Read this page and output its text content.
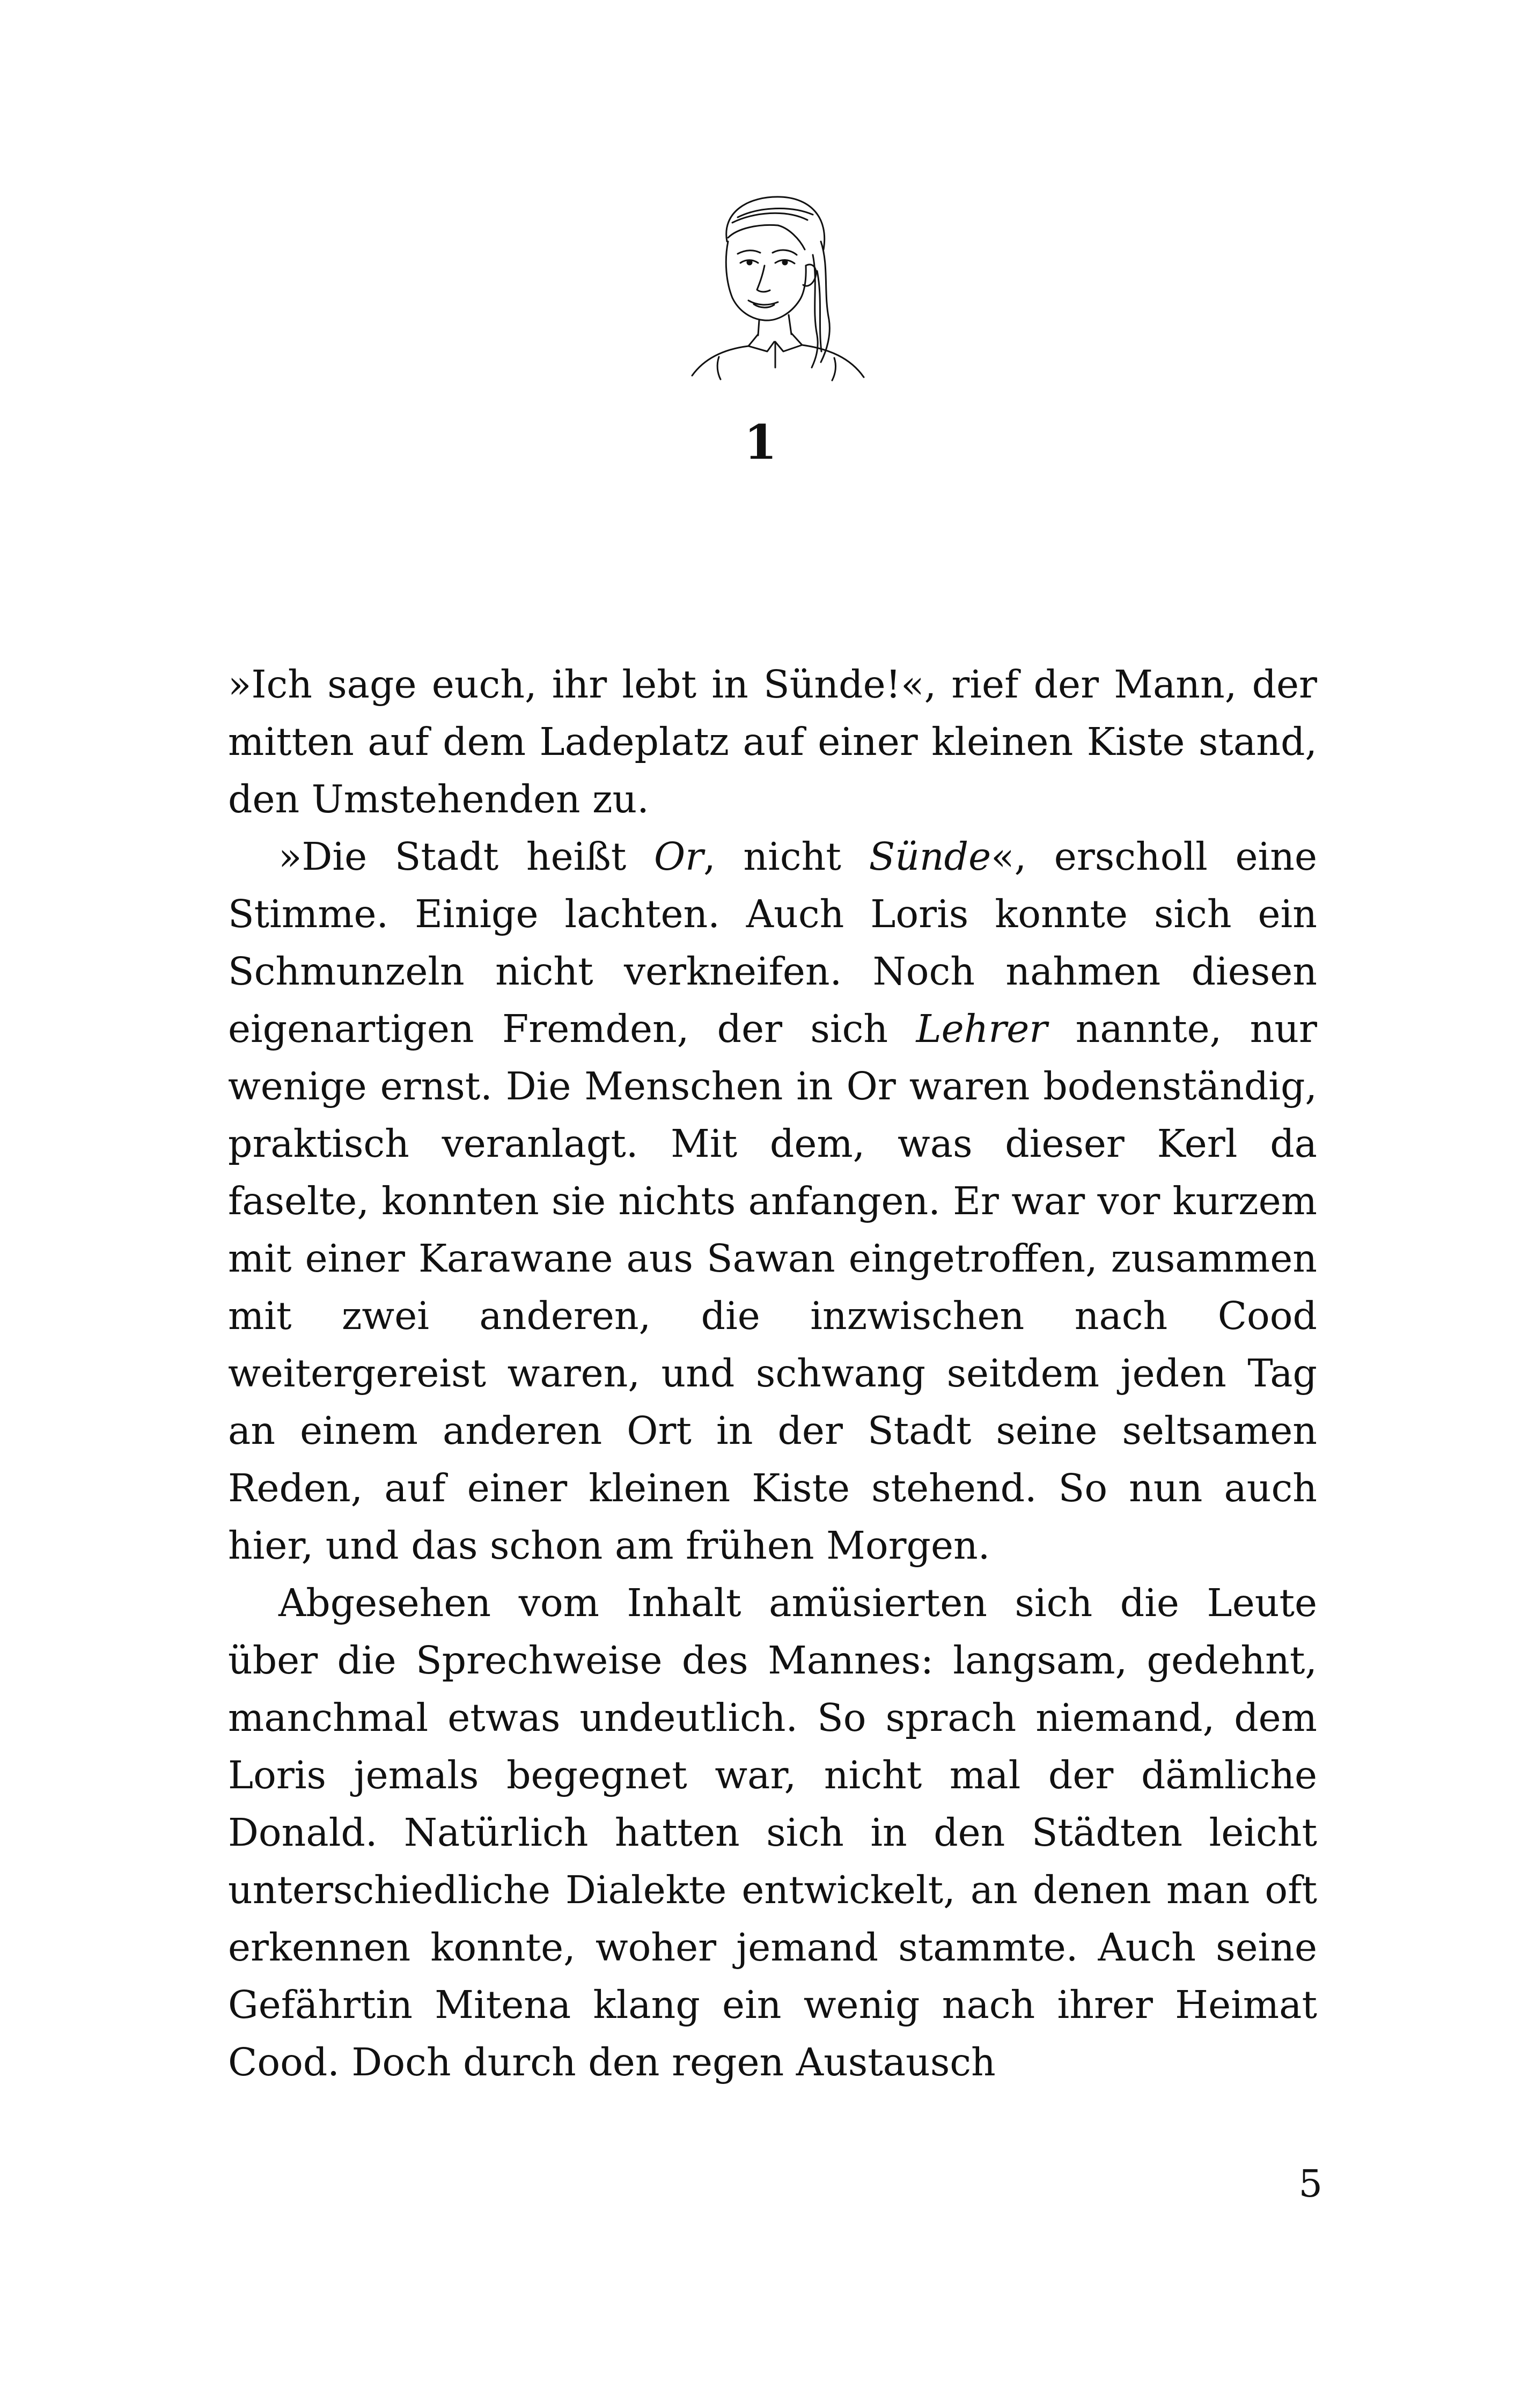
1

»Ich sage euch, ihr lebt in Sünde!«, rief der Mann, der mitten auf dem Ladeplatz auf einer kleinen Kiste stand, den Umstehenden zu.

»Die Stadt heißt Or, nicht Sünde«, erscholl eine Stimme. Einige lachten. Auch Loris konnte sich ein Schmunzeln nicht verkneifen. Noch nahmen diesen eigenartigen Fremden, der sich Lehrer nannte, nur wenige ernst. Die Menschen in Or waren bodenständig, praktisch veranlagt. Mit dem, was dieser Kerl da faselte, konnten sie nichts anfangen. Er war vor kurzem mit einer Karawane aus Sawan eingetroffen, zusammen mit zwei anderen, die inzwischen nach Cood weitergereist waren, und schwang seitdem jeden Tag an einem anderen Ort in der Stadt seine seltsamen Reden, auf einer kleinen Kiste stehend. So nun auch hier, und das schon am frühen Morgen.

Abgesehen vom Inhalt amüsierten sich die Leute über die Sprechweise des Mannes: langsam, gedehnt, manchmal etwas undeutlich. So sprach niemand, dem Loris jemals begegnet war, nicht mal der dämliche Donald. Natürlich hatten sich in den Städten leicht unterschiedliche Dialekte entwickelt, an denen man oft erkennen konnte, woher jemand stammte. Auch seine Gefährtin Mitena klang ein wenig nach ihrer Heimat Cood. Doch durch den regen Austausch

5
